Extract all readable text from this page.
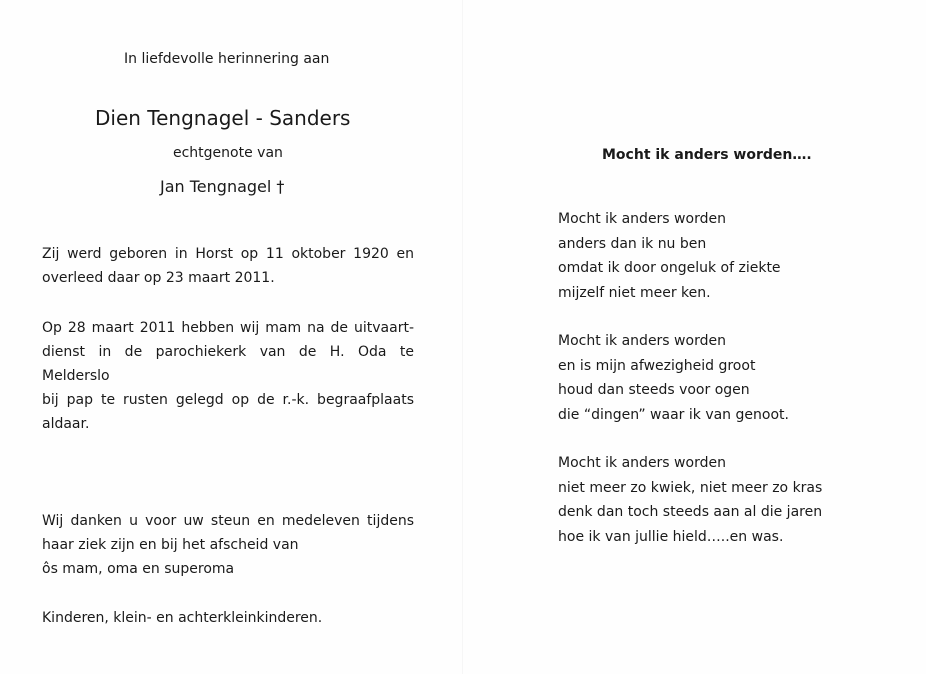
In liefdevolle herinnering aan
Dien Tengnagel - Sanders
echtgenote van
Jan Tengnagel †
Zij werd geboren in Horst op 11 oktober 1920 en
overleed daar op 23 maart 2011.
Op 28 maart 2011 hebben wij mam na de uitvaart-
dienst in de parochiekerk van de H. Oda te Melderslo
bij pap te rusten gelegd op de r.-k. begraafplaats
aldaar.
Wij danken u voor uw steun en medeleven tijdens
haar ziek zijn en bij het afscheid van
ôs mam, oma en superoma
Kinderen, klein- en achterkleinkinderen.
Mocht ik anders worden….
Mocht ik anders worden
anders dan ik nu ben
omdat ik door ongeluk of ziekte
mijzelf niet meer ken.
Mocht ik anders worden
en is mijn afwezigheid groot
houd dan steeds voor ogen
die “dingen” waar ik van genoot.
Mocht ik anders worden
niet meer zo kwiek, niet meer zo kras
denk dan toch steeds aan al die jaren
hoe ik van jullie hield…..en was.
